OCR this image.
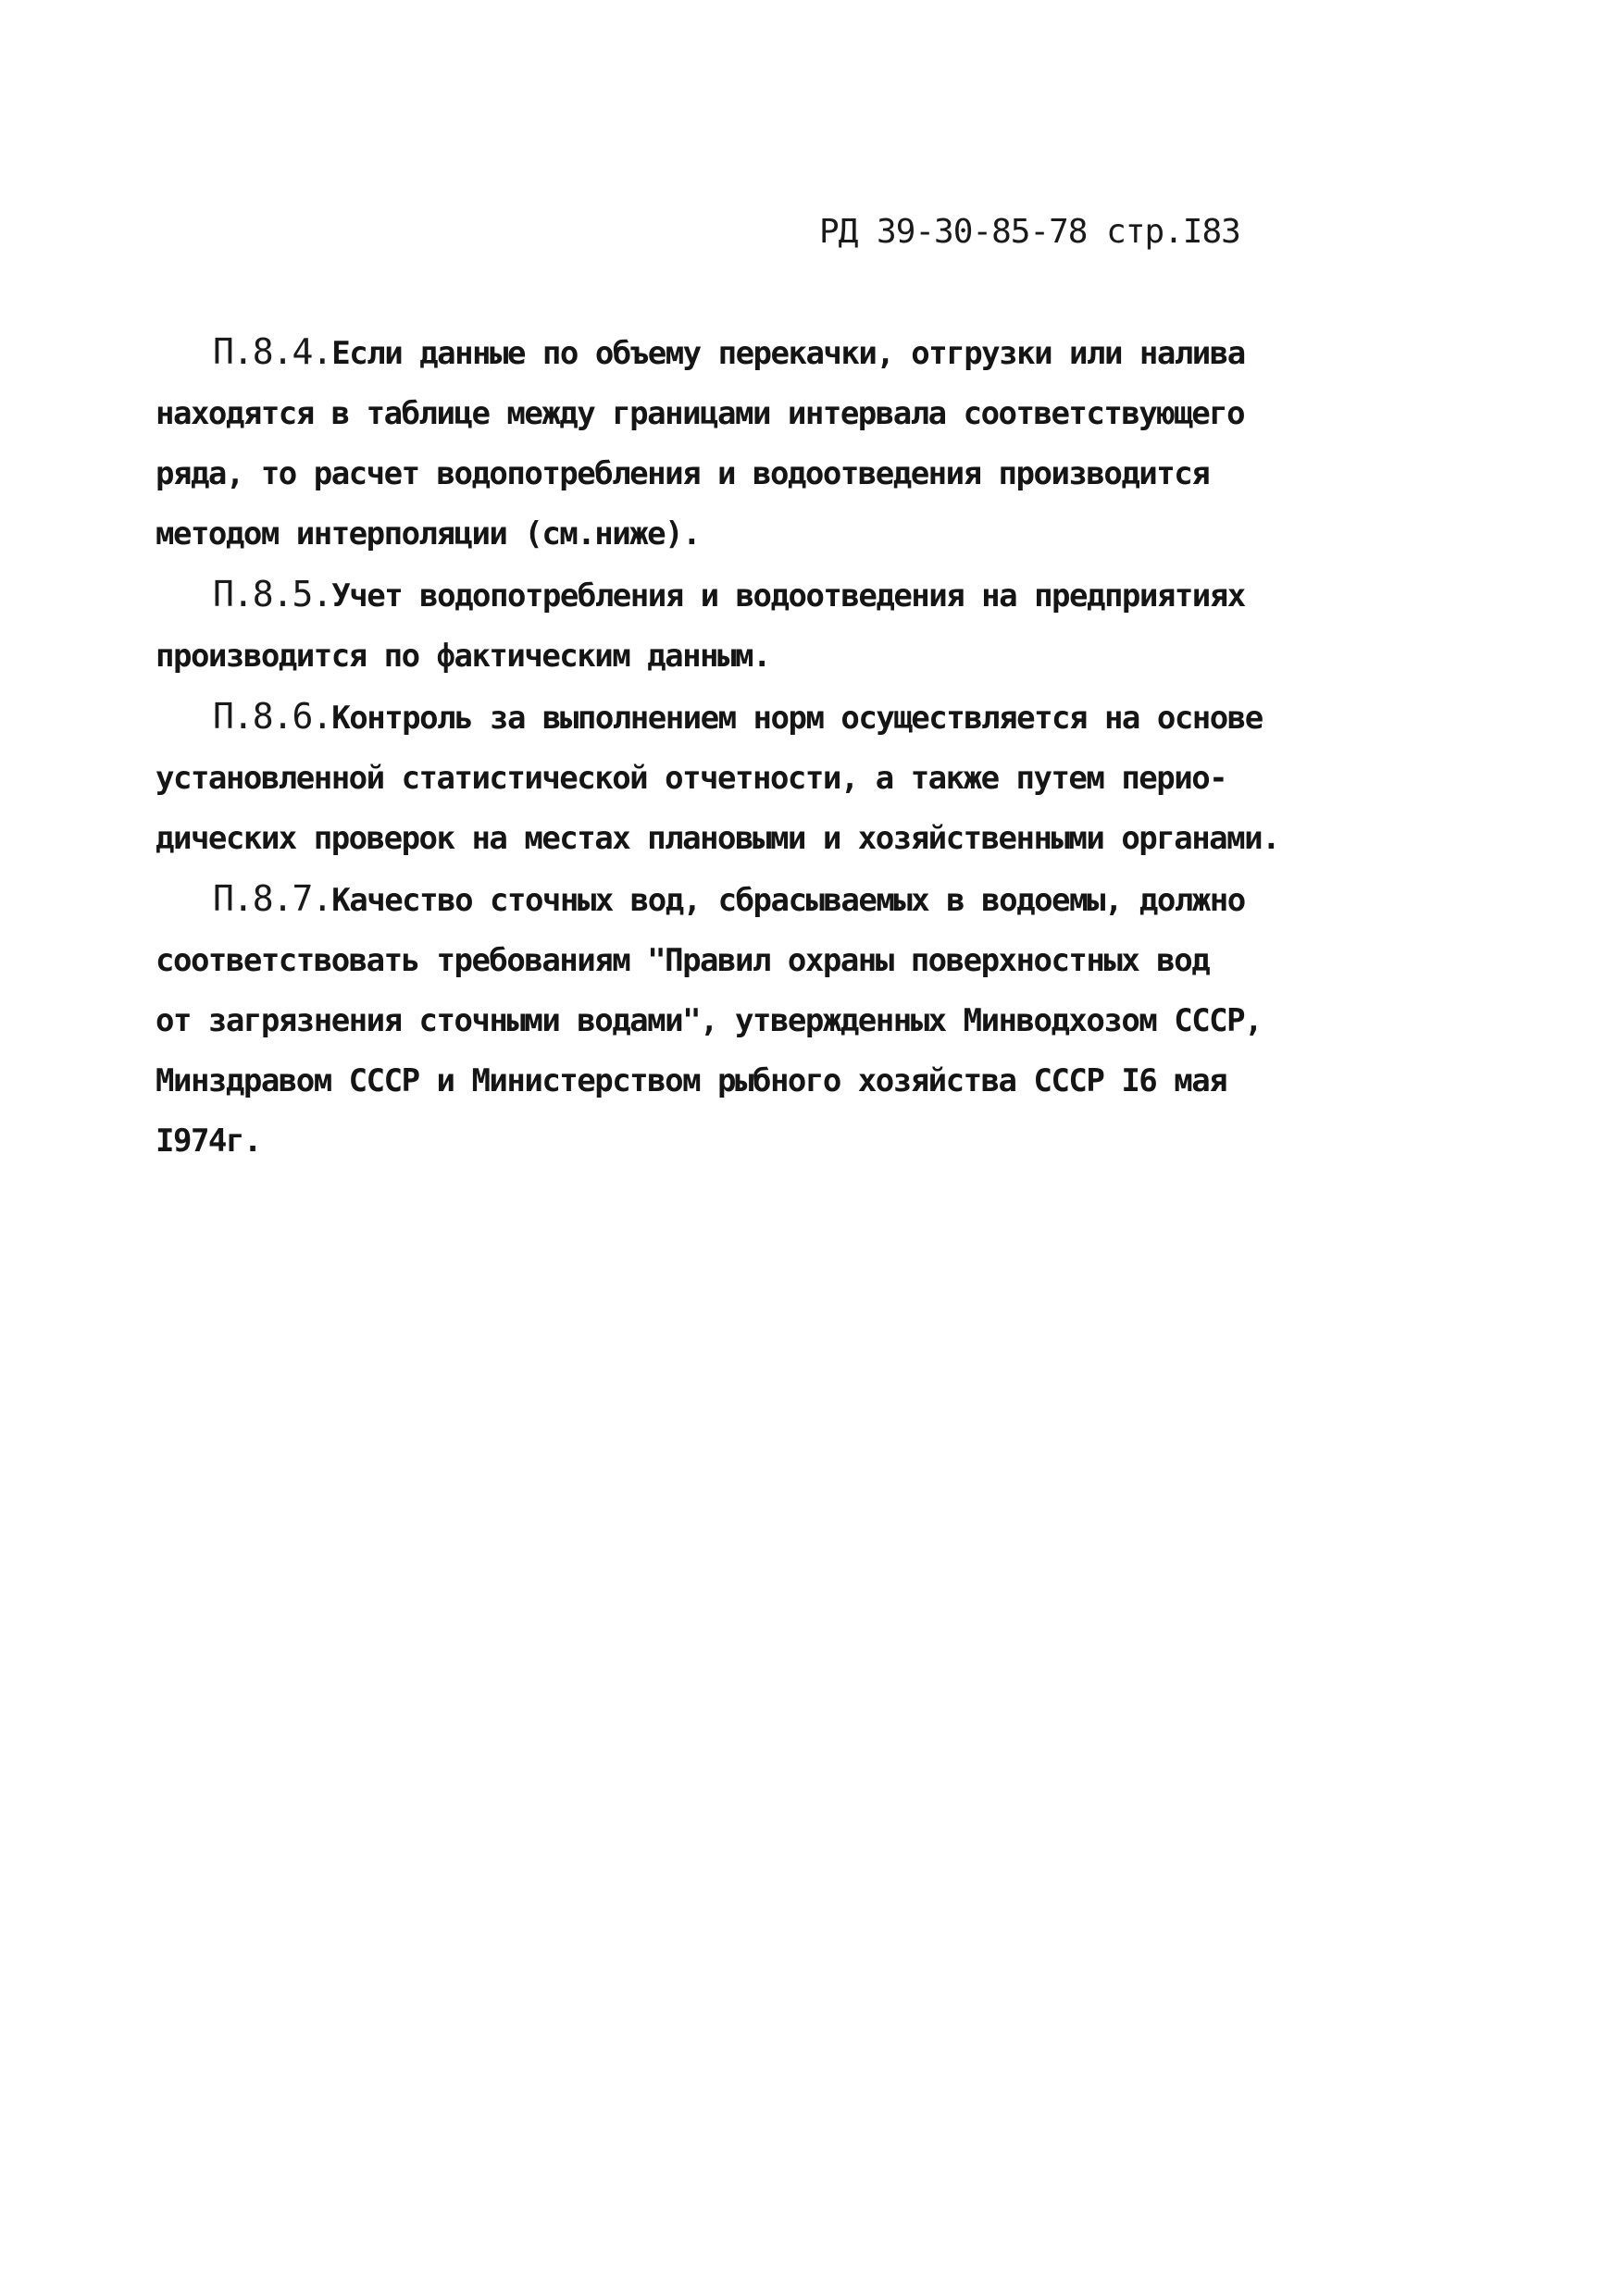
РД 39-30-85-78 стр.I83
П.8.4.Если данные по объему перекачки, отгрузки или налива
находятся в таблице между границами интервала соответствующего
ряда, то расчет водопотребления и водоотведения производится
методом интерполяции (см.ниже).
П.8.5.Учет водопотребления и водоотведения на предприятиях
производится по фактическим данным.
П.8.6.Контроль за выполнением норм осуществляется на основе
установленной статистической отчетности, а также путем перио-
дических проверок на местах плановыми и хозяйственными органами.
П.8.7.Качество сточных вод, сбрасываемых в водоемы, должно
соответствовать требованиям "Правил охраны поверхностных вод
от загрязнения сточными водами", утвержденных Минводхозом СССР,
Минздравом СССР и Министерством рыбного хозяйства СССР I6 мая
I974г.
